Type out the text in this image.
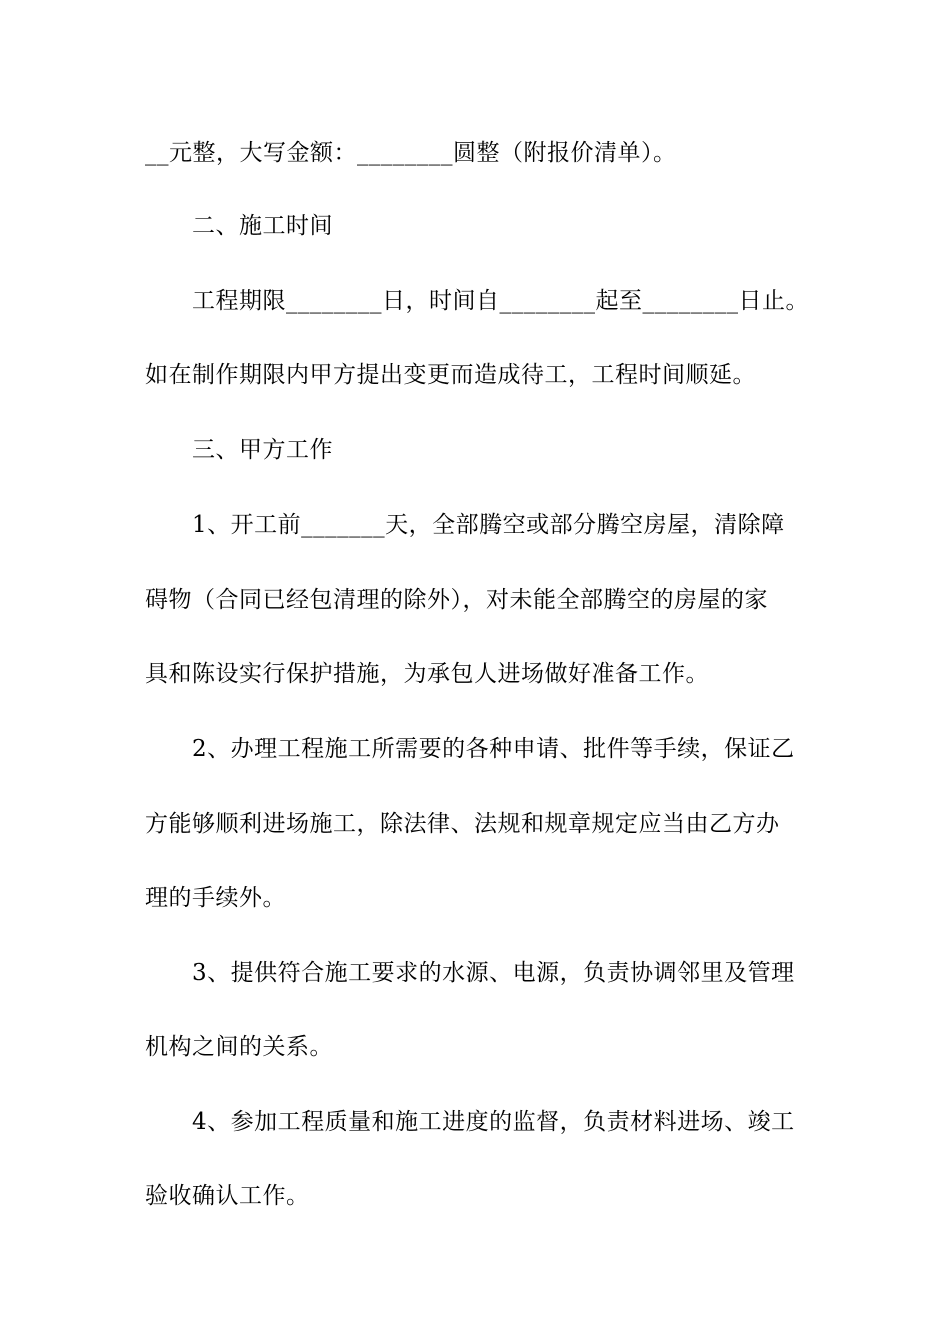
__元整，大写金额：________圆整（附报价清单）。
二、施工时间
工程期限________日，时间自________起至________日止。
如在制作期限内甲方提出变更而造成待工，工程时间顺延。
三、甲方工作
1、开工前_______天，全部腾空或部分腾空房屋，清除障
碍物（合同已经包清理的除外），对未能全部腾空的房屋的家
具和陈设实行保护措施，为承包人进场做好准备工作。
2、办理工程施工所需要的各种申请、批件等手续，保证乙
方能够顺利进场施工，除法律、法规和规章规定应当由乙方办
理的手续外。
3、提供符合施工要求的水源、电源，负责协调邻里及管理
机构之间的关系。
4、参加工程质量和施工进度的监督，负责材料进场、竣工
验收确认工作。
